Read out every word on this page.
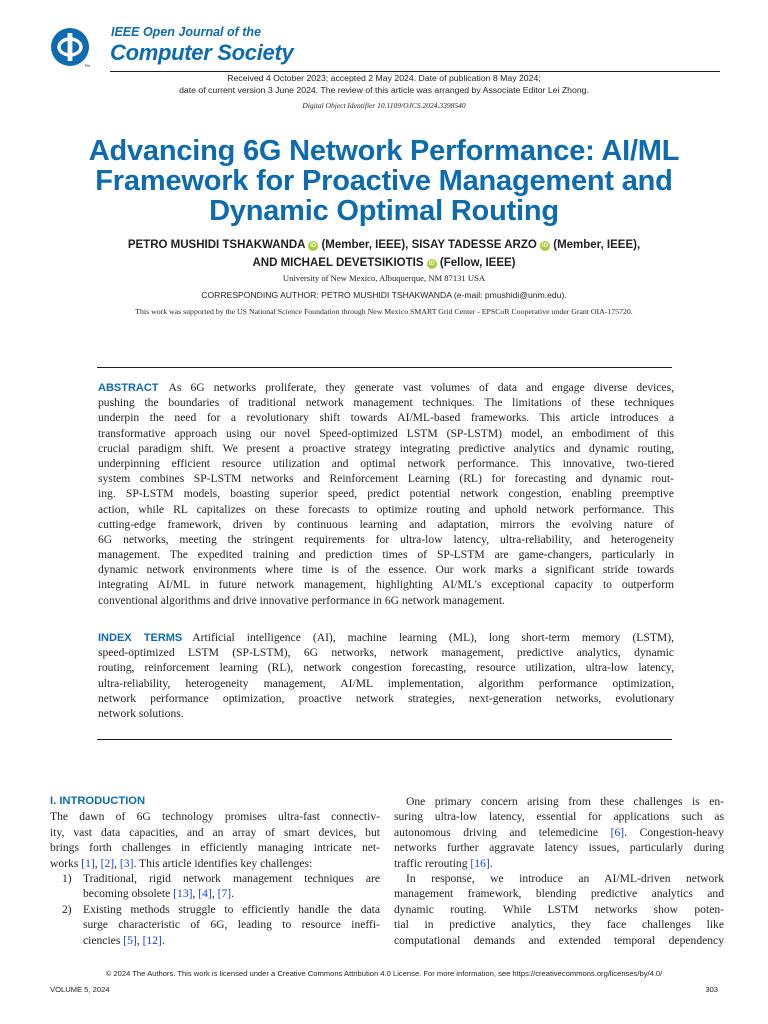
TM
IEEE Open Journal of the
Computer Society
Received 4 October 2023; accepted 2 May 2024. Date of publication 8 May 2024;
date of current version 3 June 2024. The review of this article was arranged by Associate Editor Lei Zhong.
Digital Object Identifier 10.1109/OJCS.2024.3398540
Advancing 6G Network Performance: AI/ML
Framework for Proactive Management and
Dynamic Optimal Routing
PETRO MUSHIDI TSHAKWANDA iD (Member, IEEE), SISAY TADESSE ARZO iD (Member, IEEE),
AND MICHAEL DEVETSIKIOTIS iD (Fellow, IEEE)
University of New Mexico, Albuquerque, NM 87131 USA
CORRESPONDING AUTHOR: PETRO MUSHIDI TSHAKWANDA (e-mail: pmushidi@unm.edu).
This work was supported by the US National Science Foundation through New Mexico SMART Grid Center - EPSCoR Cooperative under Grant OIA-175720.
ABSTRACT As 6G networks proliferate, they generate vast volumes of data and engage diverse devices,
pushing the boundaries of traditional network management techniques. The limitations of these techniques
underpin the need for a revolutionary shift towards AI/ML-based frameworks. This article introduces a
transformative approach using our novel Speed-optimized LSTM (SP-LSTM) model, an embodiment of this
crucial paradigm shift. We present a proactive strategy integrating predictive analytics and dynamic routing,
underpinning efficient resource utilization and optimal network performance. This innovative, two-tiered
system combines SP-LSTM networks and Reinforcement Learning (RL) for forecasting and dynamic rout-
ing. SP-LSTM models, boasting superior speed, predict potential network congestion, enabling preemptive
action, while RL capitalizes on these forecasts to optimize routing and uphold network performance. This
cutting-edge framework, driven by continuous learning and adaptation, mirrors the evolving nature of
6G networks, meeting the stringent requirements for ultra-low latency, ultra-reliability, and heterogeneity
management. The expedited training and prediction times of SP-LSTM are game-changers, particularly in
dynamic network environments where time is of the essence. Our work marks a significant stride towards
integrating AI/ML in future network management, highlighting AI/ML's exceptional capacity to outperform
conventional algorithms and drive innovative performance in 6G network management.
INDEX TERMS Artificial intelligence (AI), machine learning (ML), long short-term memory (LSTM),
speed-optimized LSTM (SP-LSTM), 6G networks, network management, predictive analytics, dynamic
routing, reinforcement learning (RL), network congestion forecasting, resource utilization, ultra-low latency,
ultra-reliability, heterogeneity management, AI/ML implementation, algorithm performance optimization,
network performance optimization, proactive network strategies, next-generation networks, evolutionary
network solutions.
I. INTRODUCTION
The dawn of 6G technology promises ultra-fast connectiv-
ity, vast data capacities, and an array of smart devices, but
brings forth challenges in efficiently managing intricate net-
works [1], [2], [3]. This article identifies key challenges:
1) Traditional, rigid network management techniques are
becoming obsolete [13], [4], [7].
2) Existing methods struggle to efficiently handle the data
surge characteristic of 6G, leading to resource ineffi-
ciencies [5], [12].
One primary concern arising from these challenges is en-
suring ultra-low latency, essential for applications such as
autonomous driving and telemedicine [6]. Congestion-heavy
networks further aggravate latency issues, particularly during
traffic rerouting [16].
In response, we introduce an AI/ML-driven network
management framework, blending predictive analytics and
dynamic routing. While LSTM networks show poten-
tial in predictive analytics, they face challenges like
computational demands and extended temporal dependency
© 2024 The Authors. This work is licensed under a Creative Commons Attribution 4.0 License. For more information, see https://creativecommons.org/licenses/by/4.0/
VOLUME 5, 2024	303
